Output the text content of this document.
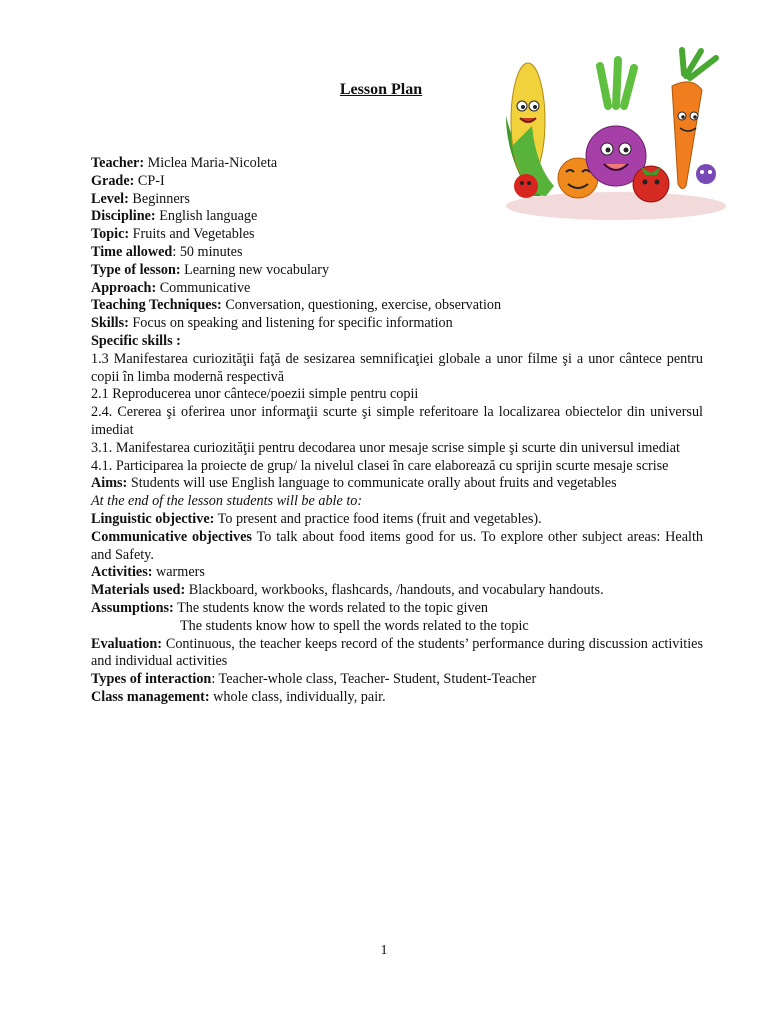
Lesson Plan
Teacher: Miclea Maria-Nicoleta
Grade: CP-I
Level: Beginners
Discipline: English language
Topic: Fruits and Vegetables
Time allowed: 50 minutes
Type of lesson: Learning new vocabulary
Approach: Communicative
Teaching Techniques: Conversation, questioning, exercise, observation
Skills: Focus on speaking and listening for specific information
Specific skills :
1.3 Manifestarea curiozităţii faţă de sesizarea semnificaţiei globale a unor filme şi a unor cântece pentru copii în limba modernă respectivă
2.1 Reproducerea unor cântece/poezii simple pentru copii
2.4. Cererea şi oferirea unor informaţii scurte şi simple referitoare la localizarea obiectelor din universul imediat
3.1. Manifestarea curiozităţii pentru decodarea unor mesaje scrise simple şi scurte din universul imediat
4.1. Participarea la proiecte de grup/ la nivelul clasei în care elaborează cu sprijin scurte mesaje scrise
Aims: Students will use English language to communicate orally about fruits and vegetables
At the end of the lesson students will be able to:
Linguistic objective: To present and practice food items (fruit and vegetables).
Communicative objectives To talk about food items good for us. To explore other subject areas: Health and Safety.
Activities: warmers
Materials used: Blackboard, workbooks, flashcards, /handouts, and vocabulary handouts.
Assumptions: The students know the words related to the topic given
The students know how to spell the words related to the topic
Evaluation: Continuous, the teacher keeps record of the students’ performance during discussion activities and individual activities
Types of interaction: Teacher-whole class, Teacher- Student, Student-Teacher
Class management: whole class, individually, pair.
1
